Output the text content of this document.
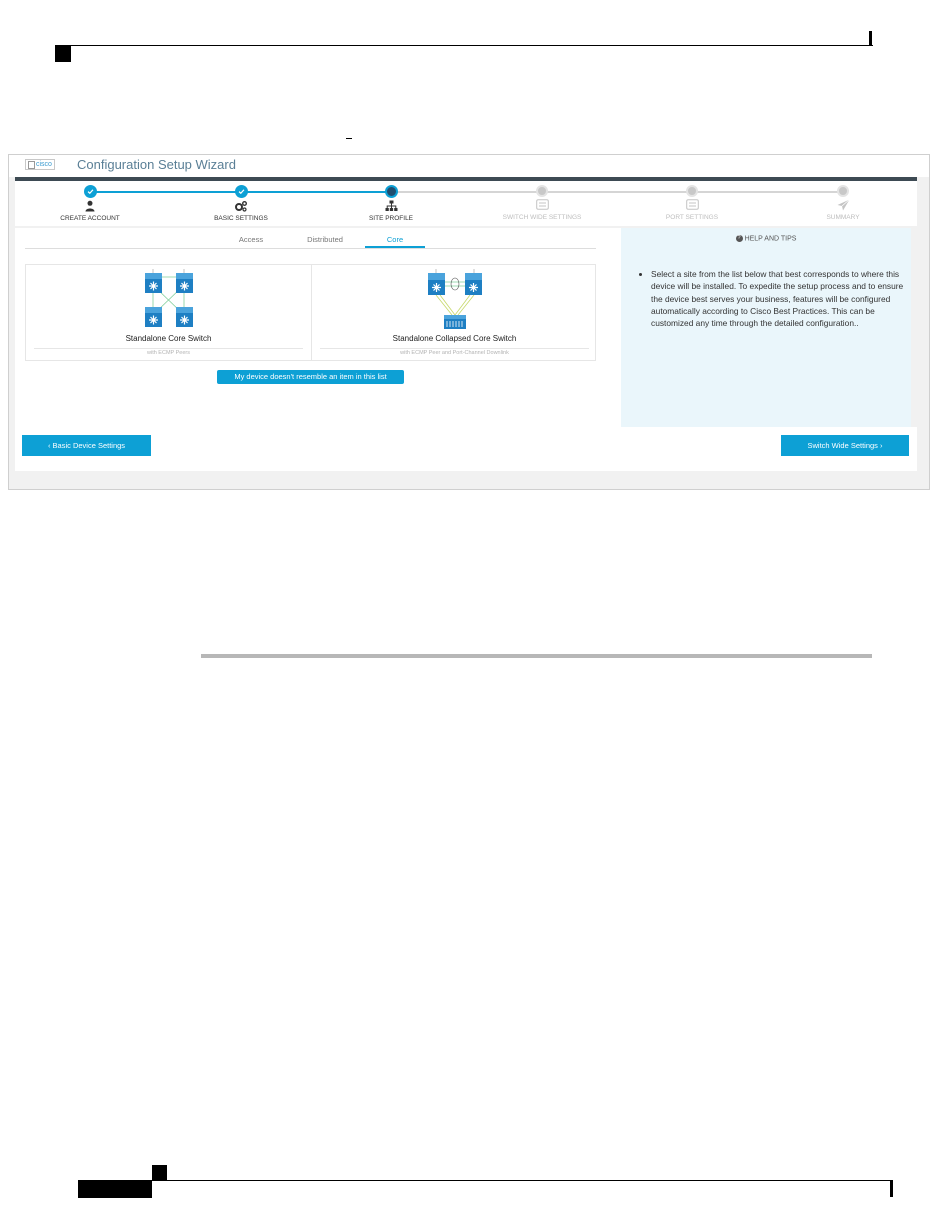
cisco Configuration Setup Wizard
CREATE ACCOUNT	BASIC SETTINGS	SITE PROFILE	SWITCH WIDE SETTINGS	PORT SETTINGS	SUMMARY
Access	Distributed	Core
Standalone Core Switch
with ECMP Peers
Standalone Collapsed Core Switch
with ECMP Peer and Port-Channel Downlink
My device doesn't resemble an item in this list
? HELP AND TIPS
• Select a site from the list below that best corresponds to where this device will be installed. To expedite the setup process and to ensure the device best serves your business, features will be configured automatically according to Cisco Best Practices. This can be customized any time through the detailed configuration..
‹ Basic Device Settings	Switch Wide Settings ›
